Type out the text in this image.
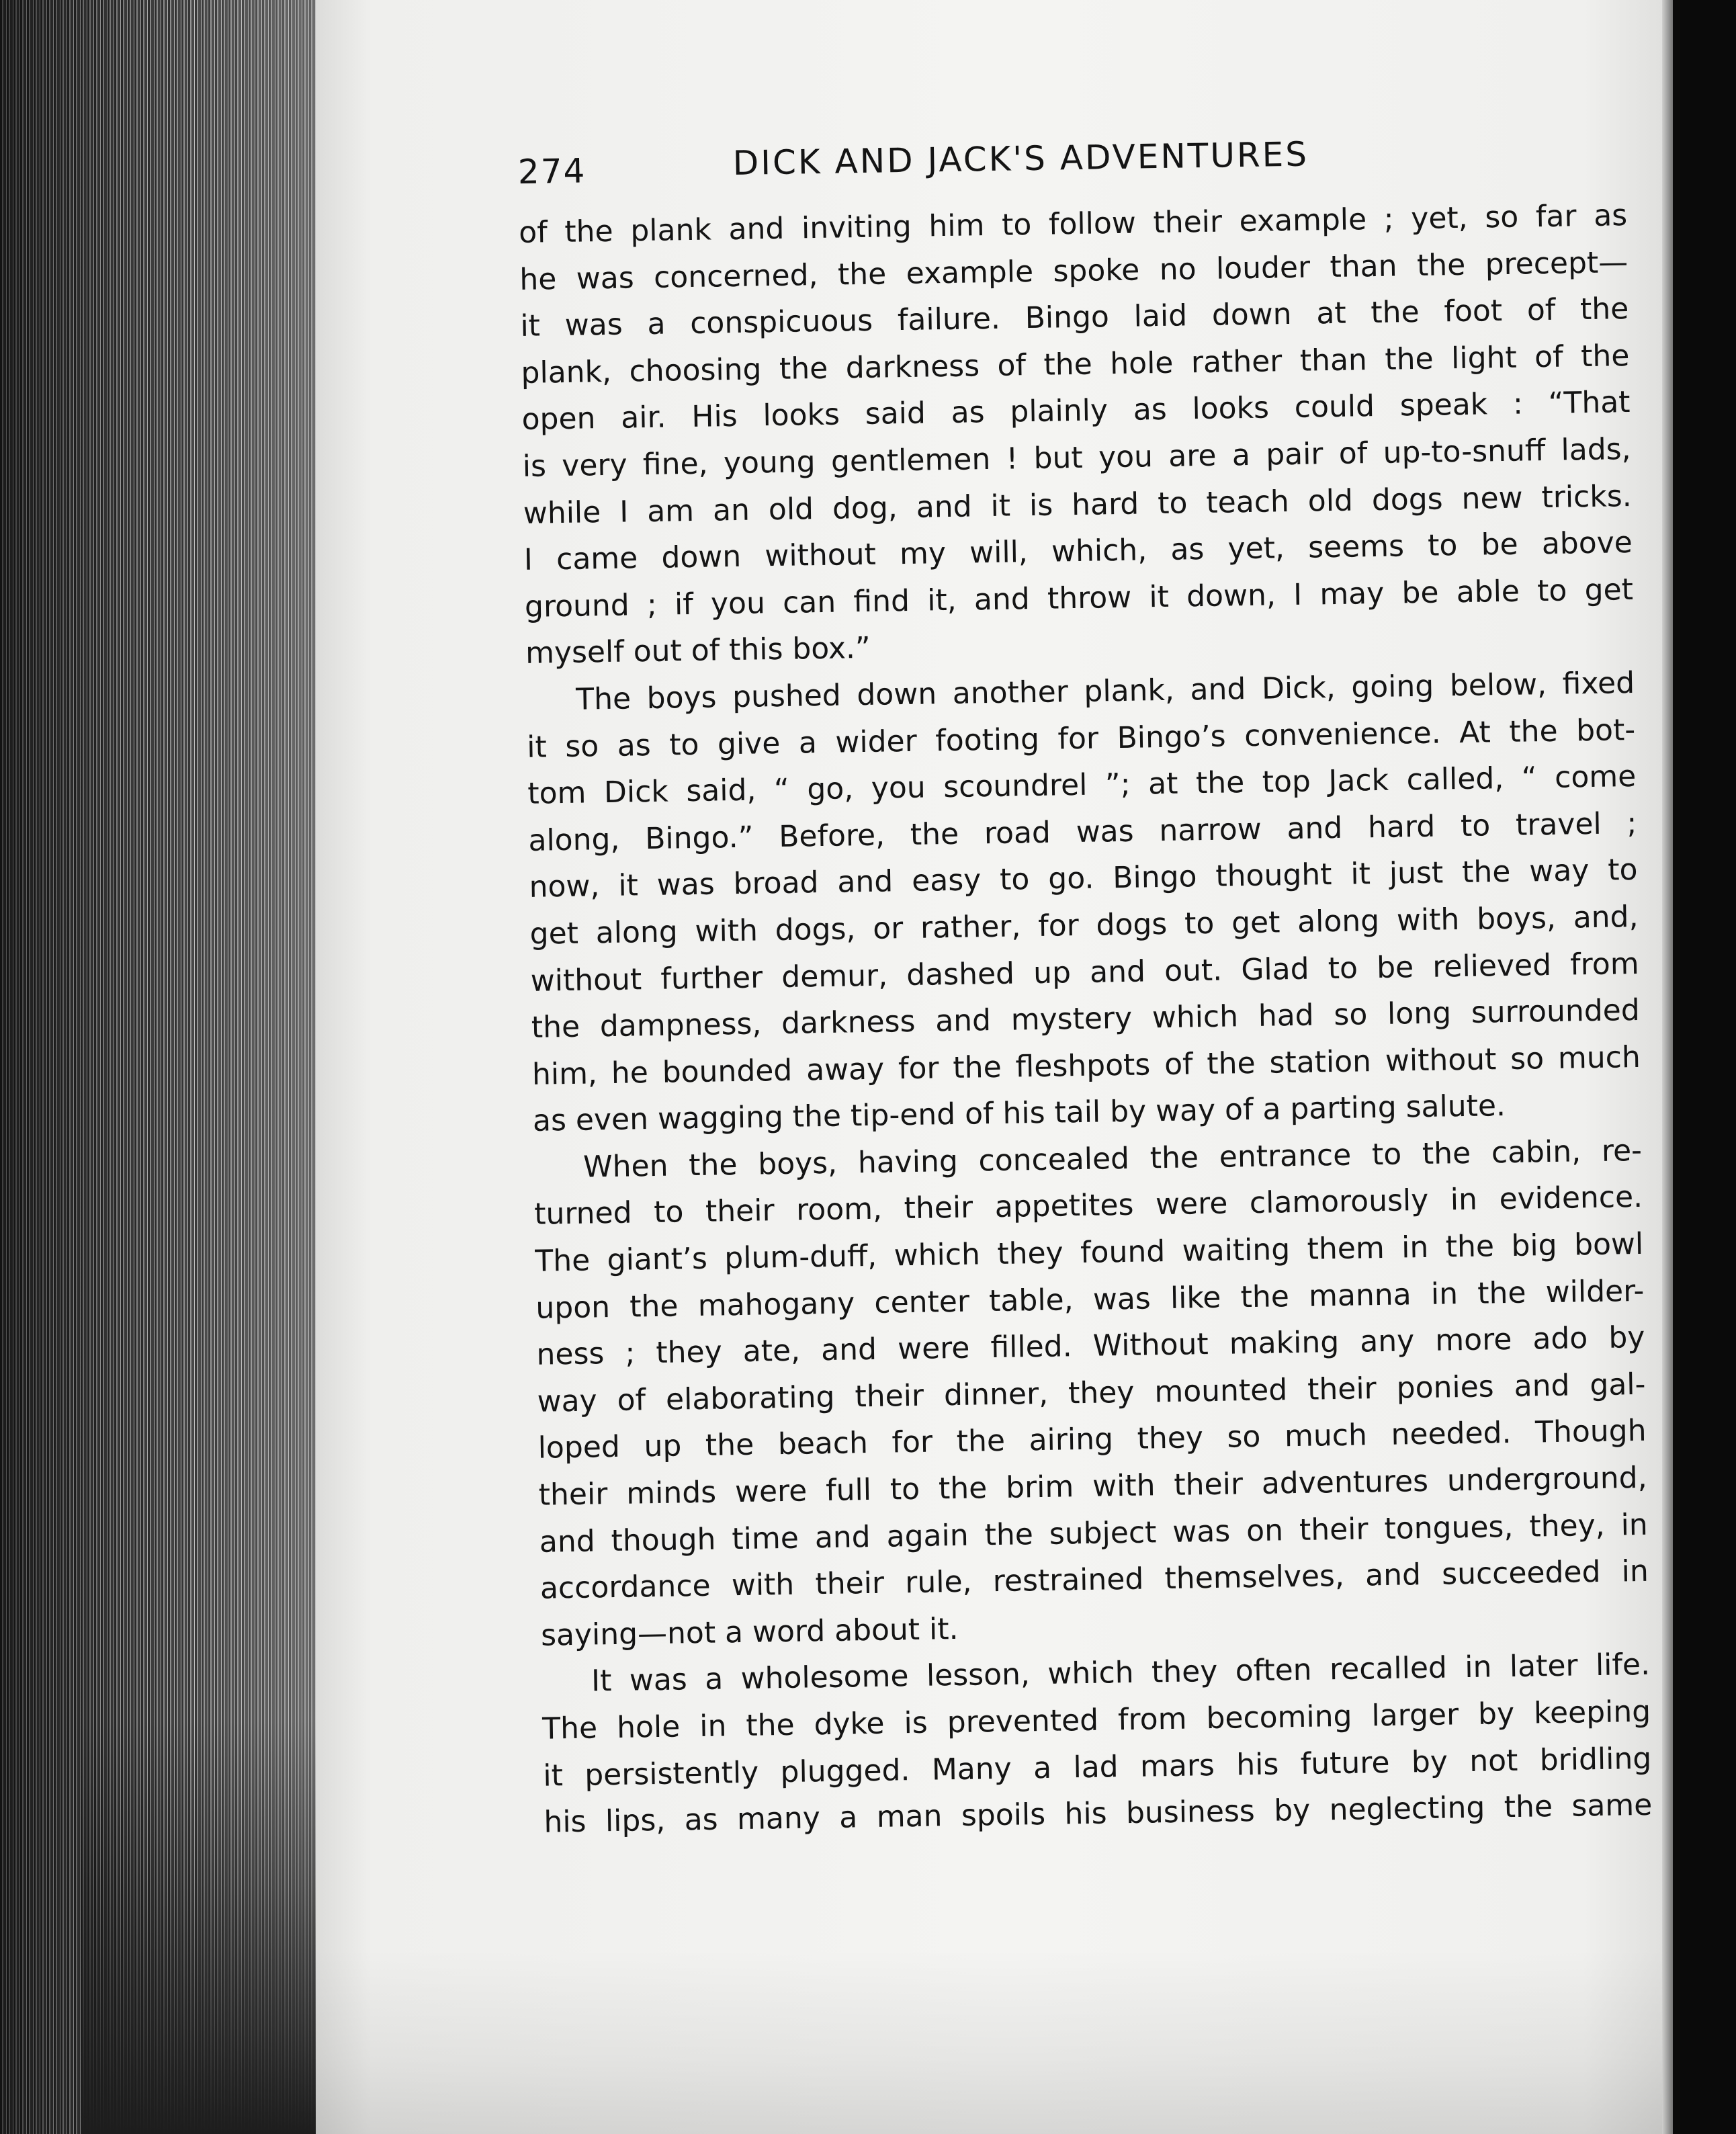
274	DICK AND JACK'S ADVENTURES
of the plank and inviting him to follow their example ; yet, so far as
he was concerned, the example spoke no louder than the precept—
it was a conspicuous failure. Bingo laid down at the foot of the
plank, choosing the darkness of the hole rather than the light of the
open air. His looks said as plainly as looks could speak : “That
is very fine, young gentlemen ! but you are a pair of up-to-snuff lads,
while I am an old dog, and it is hard to teach old dogs new tricks.
I came down without my will, which, as yet, seems to be above
ground ; if you can find it, and throw it down, I may be able to get
myself out of this box.”
The boys pushed down another plank, and Dick, going below, fixed
it so as to give a wider footing for Bingo’s convenience. At the bot-
tom Dick said, “ go, you scoundrel ”; at the top Jack called, “ come
along, Bingo.” Before, the road was narrow and hard to travel ;
now, it was broad and easy to go. Bingo thought it just the way to
get along with dogs, or rather, for dogs to get along with boys, and,
without further demur, dashed up and out. Glad to be relieved from
the dampness, darkness and mystery which had so long surrounded
him, he bounded away for the fleshpots of the station without so much
as even wagging the tip-end of his tail by way of a parting salute.
When the boys, having concealed the entrance to the cabin, re-
turned to their room, their appetites were clamorously in evidence.
The giant’s plum-duff, which they found waiting them in the big bowl
upon the mahogany center table, was like the manna in the wilder-
ness ; they ate, and were filled. Without making any more ado by
way of elaborating their dinner, they mounted their ponies and gal-
loped up the beach for the airing they so much needed. Though
their minds were full to the brim with their adventures underground,
and though time and again the subject was on their tongues, they, in
accordance with their rule, restrained themselves, and succeeded in
saying—not a word about it.
It was a wholesome lesson, which they often recalled in later life.
The hole in the dyke is prevented from becoming larger by keeping
it persistently plugged. Many a lad mars his future by not bridling
his lips, as many a man spoils his business by neglecting the same
